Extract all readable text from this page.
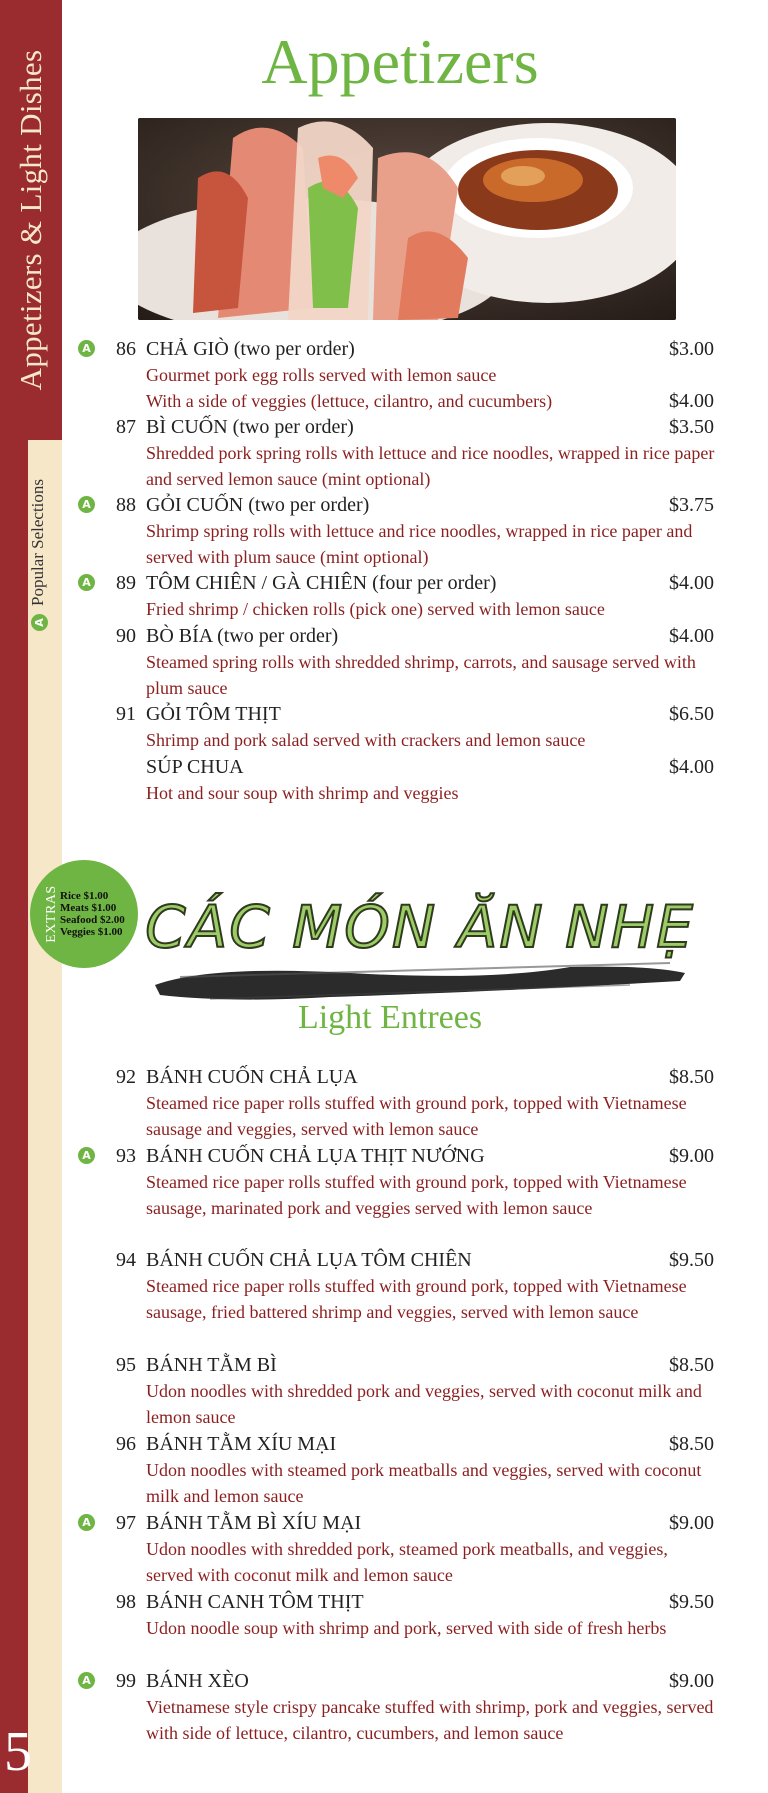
Appetizers & Light Dishes
APopular Selections
5
Appetizers
A	86 CHẢ GIÒ (two per order)	$3.00
Gourmet pork egg rolls served with lemon sauce
With a side of veggies (lettuce, cilantro, and cucumbers)	$4.00
87 BÌ CUỐN (two per order)	$3.50
Shredded pork spring rolls with lettuce and rice noodles, wrapped in rice paper and served lemon sauce (mint optional)
A	88 GỎI CUỐN (two per order)	$3.75
Shrimp spring rolls with lettuce and rice noodles, wrapped in rice paper and served with plum sauce (mint optional)
A	89 TÔM CHIÊN / GÀ CHIÊN (four per order)	$4.00
Fried shrimp / chicken rolls (pick one) served with lemon sauce
90 BÒ BÍA (two per order)	$4.00
Steamed spring rolls with shredded shrimp, carrots, and sausage served with plum sauce
91 GỎI TÔM THỊT	$6.50
Shrimp and pork salad served with crackers and lemon sauce
SÚP CHUA	$4.00
Hot and sour soup with shrimp and veggies
EXTRAS Rice $1.00
Meats $1.00
Seafood $2.00
Veggies $1.00 CÁC MÓN ĂN NHẸ
Light Entrees
92 BÁNH CUỐN CHẢ LỤA	$8.50
Steamed rice paper rolls stuffed with ground pork, topped with Vietnamese sausage and veggies, served with lemon sauce
A	93 BÁNH CUỐN CHẢ LỤA THỊT NƯỚNG	$9.00
Steamed rice paper rolls stuffed with ground pork, topped with Vietnamese sausage, marinated pork and veggies served with lemon sauce
94 BÁNH CUỐN CHẢ LỤA TÔM CHIÊN	$9.50
Steamed rice paper rolls stuffed with ground pork, topped with Vietnamese sausage, fried battered shrimp and veggies, served with lemon sauce
95 BÁNH TẰM BÌ	$8.50
Udon noodles with shredded pork and veggies, served with coconut milk and lemon sauce
96 BÁNH TẰM XÍU MẠI	$8.50
Udon noodles with steamed pork meatballs and veggies, served with coconut milk and lemon sauce
A	97 BÁNH TẰM BÌ XÍU MẠI	$9.00
Udon noodles with shredded pork, steamed pork meatballs, and veggies, served with coconut milk and lemon sauce
98 BÁNH CANH TÔM THỊT	$9.50
Udon noodle soup with shrimp and pork, served with side of fresh herbs
A	99 BÁNH XÈO	$9.00
Vietnamese style crispy pancake stuffed with shrimp, pork and veggies, served with side of lettuce, cilantro, cucumbers, and lemon sauce
